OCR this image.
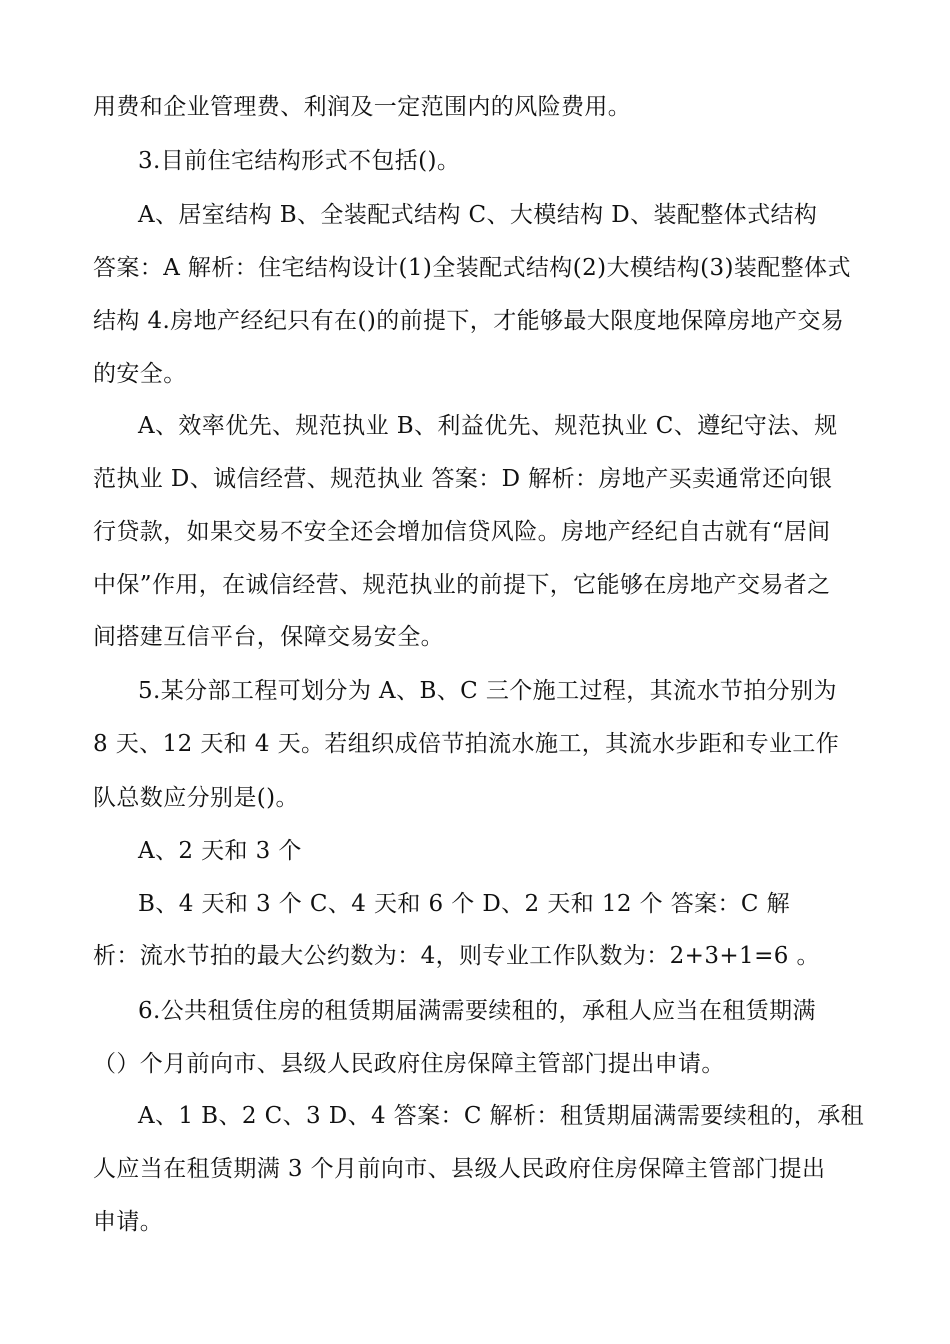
用费和企业管理费、利润及一定范围内的风险费用。

3.目前住宅结构形式不包括()。

A、居室结构 B、全装配式结构 C、大模结构 D、装配整体式结构

答案：A 解析：住宅结构设计(1)全装配式结构(2)大模结构(3)装配整体式

结构 4.房地产经纪只有在()的前提下，才能够最大限度地保障房地产交易

的安全。

A、效率优先、规范执业 B、利益优先、规范执业 C、遵纪守法、规

范执业 D、诚信经营、规范执业 答案：D 解析：房地产买卖通常还向银

行贷款，如果交易不安全还会增加信贷风险。房地产经纪自古就有“居间

中保”作用，在诚信经营、规范执业的前提下，它能够在房地产交易者之

间搭建互信平台，保障交易安全。

5.某分部工程可划分为 A、B、C 三个施工过程，其流水节拍分别为

8 天、12 天和 4 天。若组织成倍节拍流水施工，其流水步距和专业工作

队总数应分别是()。

A、2 天和 3 个

B、4 天和 3 个 C、4 天和 6 个 D、2 天和 12 个 答案：C 解

析：流水节拍的最大公约数为：4，则专业工作队数为：2+3+1=6 。

6.公共租赁住房的租赁期届满需要续租的，承租人应当在租赁期满

（）个月前向市、县级人民政府住房保障主管部门提出申请。

A、1 B、2 C、3 D、4 答案：C 解析：租赁期届满需要续租的，承租

人应当在租赁期满 3 个月前向市、县级人民政府住房保障主管部门提出

申请。
